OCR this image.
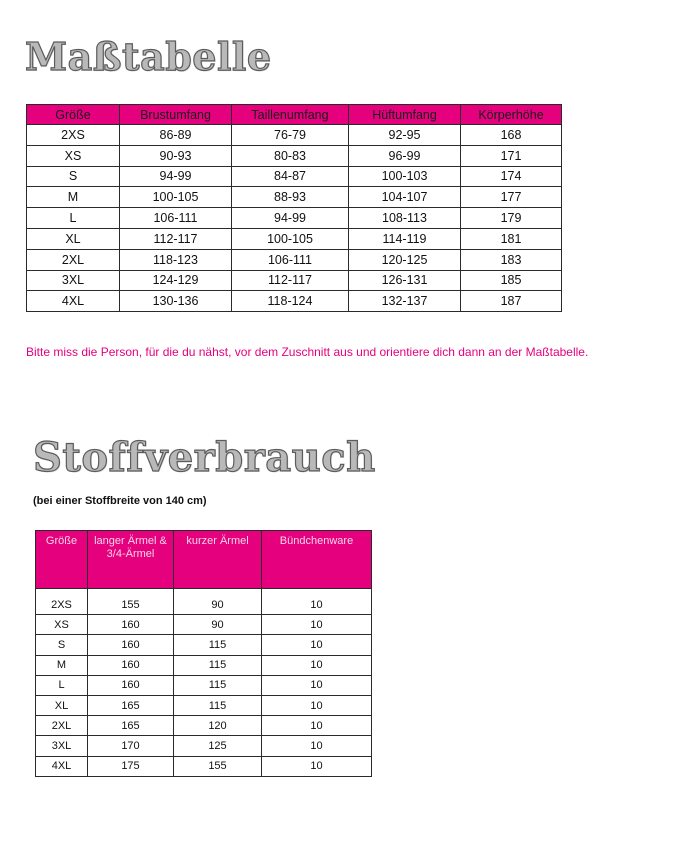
Maßtabelle
Größe	Brustumfang	Taillenumfang	Hüftumfang	Körperhöhe
2XS	86-89	76-79	92-95	168
XS	90-93	80-83	96-99	171
S	94-99	84-87	100-103	174
M	100-105	88-93	104-107	177
L	106-111	94-99	108-113	179
XL	112-117	100-105	114-119	181
2XL	118-123	106-111	120-125	183
3XL	124-129	112-117	126-131	185
4XL	130-136	118-124	132-137	187

Bitte miss die Person, für die du nähst, vor dem Zuschnitt aus und orientiere dich dann an der Maßtabelle.

Stoffverbrauch

(bei einer Stoffbreite von 140 cm)

Größe	langer Ärmel & 3/4-Ärmel	kurzer Ärmel	Bündchenware

2XS	155	90	10
XS	160	90	10
S	160	115	10
M	160	115	10
L	160	115	10
XL	165	115	10
2XL	165	120	10
3XL	170	125	10
4XL	175	155	10
